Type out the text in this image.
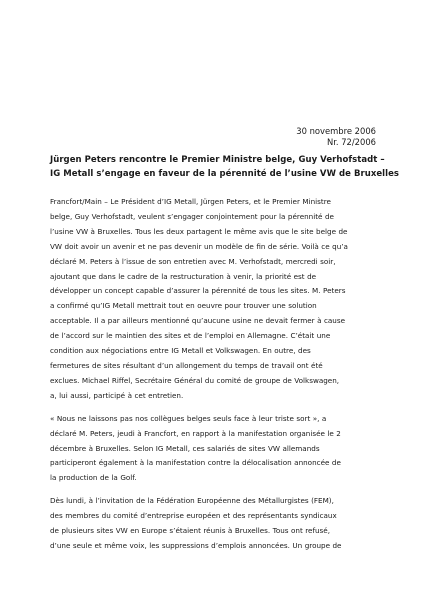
30 novembre 2006
Nr. 72/2006
Jürgen Peters rencontre le Premier Ministre belge, Guy Verhofstadt –
IG Metall s’engage en faveur de la pérennité de l’usine VW de Bruxelles

Francfort/Main – Le Président d’IG Metall, Jürgen Peters, et le Premier Ministre
belge, Guy Verhofstadt, veulent s’engager conjointement pour la pérennité de
l’usine VW à Bruxelles. Tous les deux partagent le même avis que le site belge de
VW doit avoir un avenir et ne pas devenir un modèle de fin de série. Voilà ce qu’a
déclaré M. Peters à l’issue de son entretien avec M. Verhofstadt, mercredi soir,
ajoutant que dans le cadre de la restructuration à venir, la priorité est de
développer un concept capable d’assurer la pérennité de tous les sites. M. Peters
a confirmé qu’IG Metall mettrait tout en oeuvre pour trouver une solution
acceptable. Il a par ailleurs mentionné qu’aucune usine ne devait fermer à cause
de l’accord sur le maintien des sites et de l’emploi en Allemagne. C’était une
condition aux négociations entre IG Metall et Volkswagen. En outre, des
fermetures de sites résultant d’un allongement du temps de travail ont été
exclues. Michael Riffel, Secrétaire Général du comité de groupe de Volkswagen,
a, lui aussi, participé à cet entretien.

« Nous ne laissons pas nos collègues belges seuls face à leur triste sort », a
déclaré M. Peters, jeudi à Francfort, en rapport à la manifestation organisée le 2
décembre à Bruxelles. Selon IG Metall, ces salariés de sites VW allemands
participeront également à la manifestation contre la délocalisation annoncée de
la production de la Golf.

Dès lundi, à l’invitation de la Fédération Européenne des Métallurgistes (FEM),
des membres du comité d’entreprise européen et des représentants syndicaux
de plusieurs sites VW en Europe s’étaient réunis à Bruxelles. Tous ont refusé,
d’une seule et même voix, les suppressions d’emplois annoncées. Un groupe de
